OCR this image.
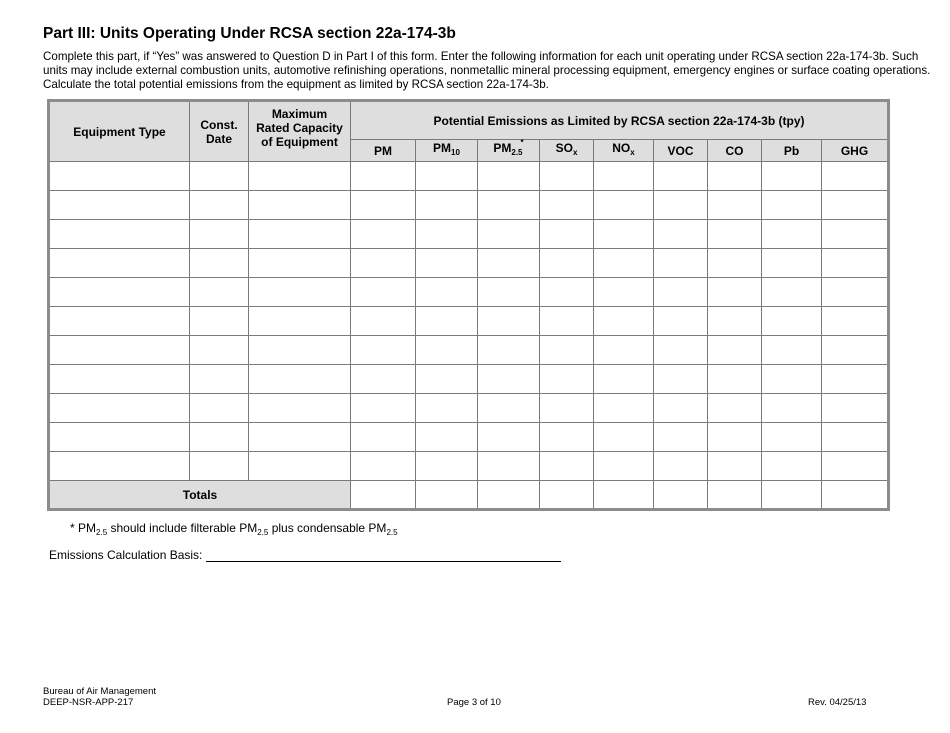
Part III: Units Operating Under RCSA section 22a-174-3b
Complete this part, if “Yes” was answered to Question D in Part I of this form. Enter the following information for each unit operating under RCSA section 22a-174-3b. Such units may include external combustion units, automotive refinishing operations, nonmetallic mineral processing equipment, emergency engines or surface coating operations. Calculate the total potential emissions from the equipment as limited by RCSA section 22a-174-3b.
Equipment Type	Const. Date	Maximum Rated Capacity of Equipment	Potential Emissions as Limited by RCSA section 22a-174-3b (tpy)								
			PM	$PM_{10}$	$PM_{2.5}^*$	$SO_x$	$NO_x$	VOC	CO	Pb	GHG

Totals											
* $PM_{2.5}$ should include filterable $PM_{2.5}$ plus condensable $PM_{2.5}$
Emissions Calculation Basis:
Bureau of Air Management
DEEP-NSR-APP-217	Page 3 of 10	Rev. 04/25/13
